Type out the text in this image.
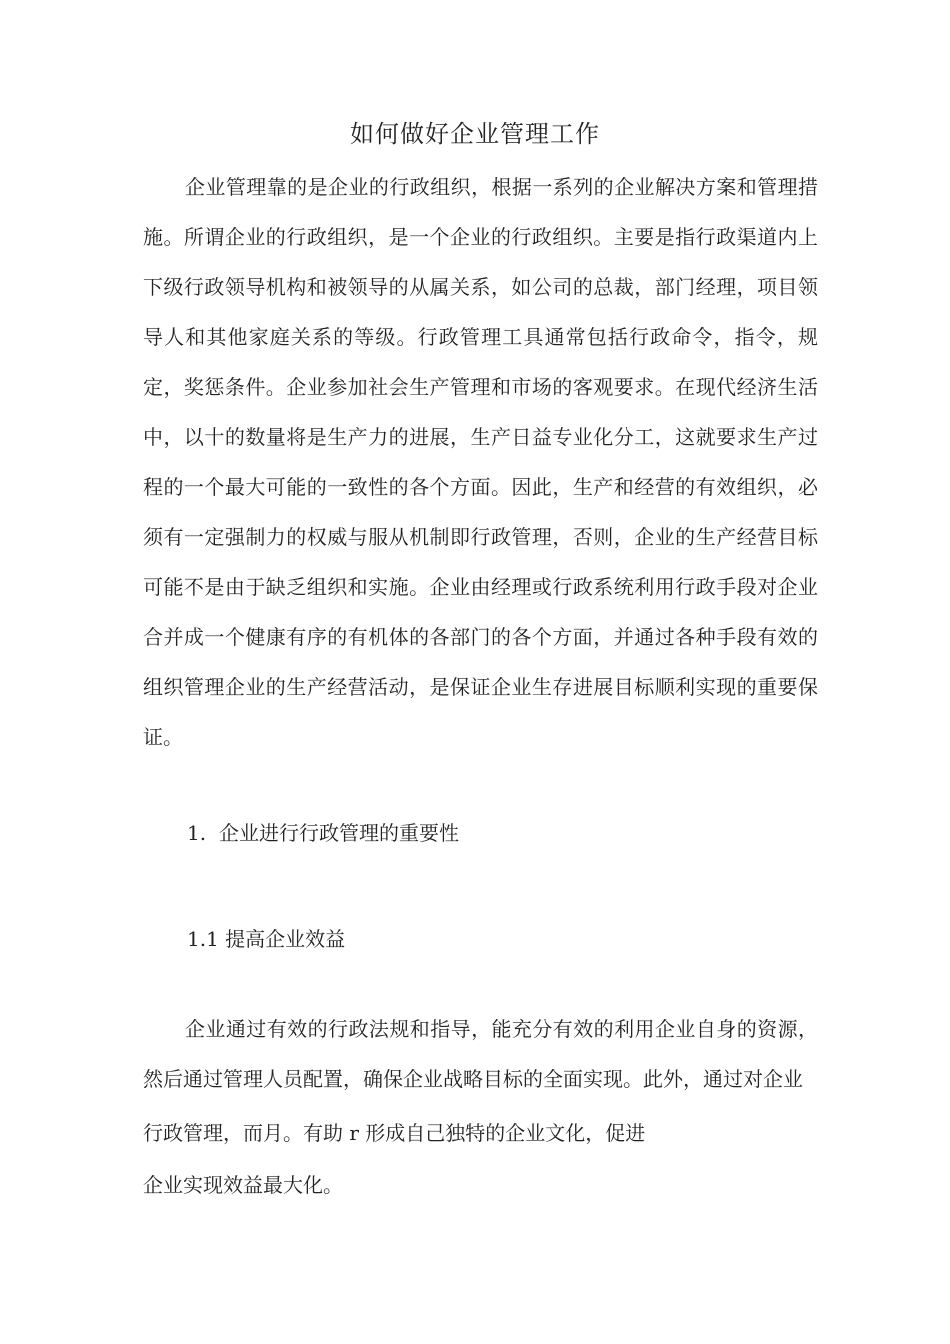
如何做好企业管理工作
企业管理靠的是企业的行政组织，根据一系列的企业解决方案和管理措施。所谓企业的行政组织，是一个企业的行政组织。主要是指行政渠道内上下级行政领导机构和被领导的从属关系，如公司的总裁，部门经理，项目领导人和其他家庭关系的等级。行政管理工具通常包括行政命令，指令，规定，奖惩条件。企业参加社会生产管理和市场的客观要求。在现代经济生活中，以十的数量将是生产力的进展，生产日益专业化分工，这就要求生产过程的一个最大可能的一致性的各个方面。因此，生产和经营的有效组织，必须有一定强制力的权威与服从机制即行政管理，否则，企业的生产经营目标可能不是由于缺乏组织和实施。企业由经理或行政系统利用行政手段对企业合并成一个健康有序的有机体的各部门的各个方面，并通过各种手段有效的组织管理企业的生产经营活动，是保证企业生存进展目标顺利实现的重要保证。
1. 企业进行行政管理的重要性
1.1 提高企业效益
企业通过有效的行政法规和指导，能充分有效的利用企业自身的资源，然后通过管理人员配置，确保企业战略目标的全面实现。此外，通过对企业
行政管理，而月。有助 r 形成自己独特的企业文化，促进
企业实现效益最大化。
